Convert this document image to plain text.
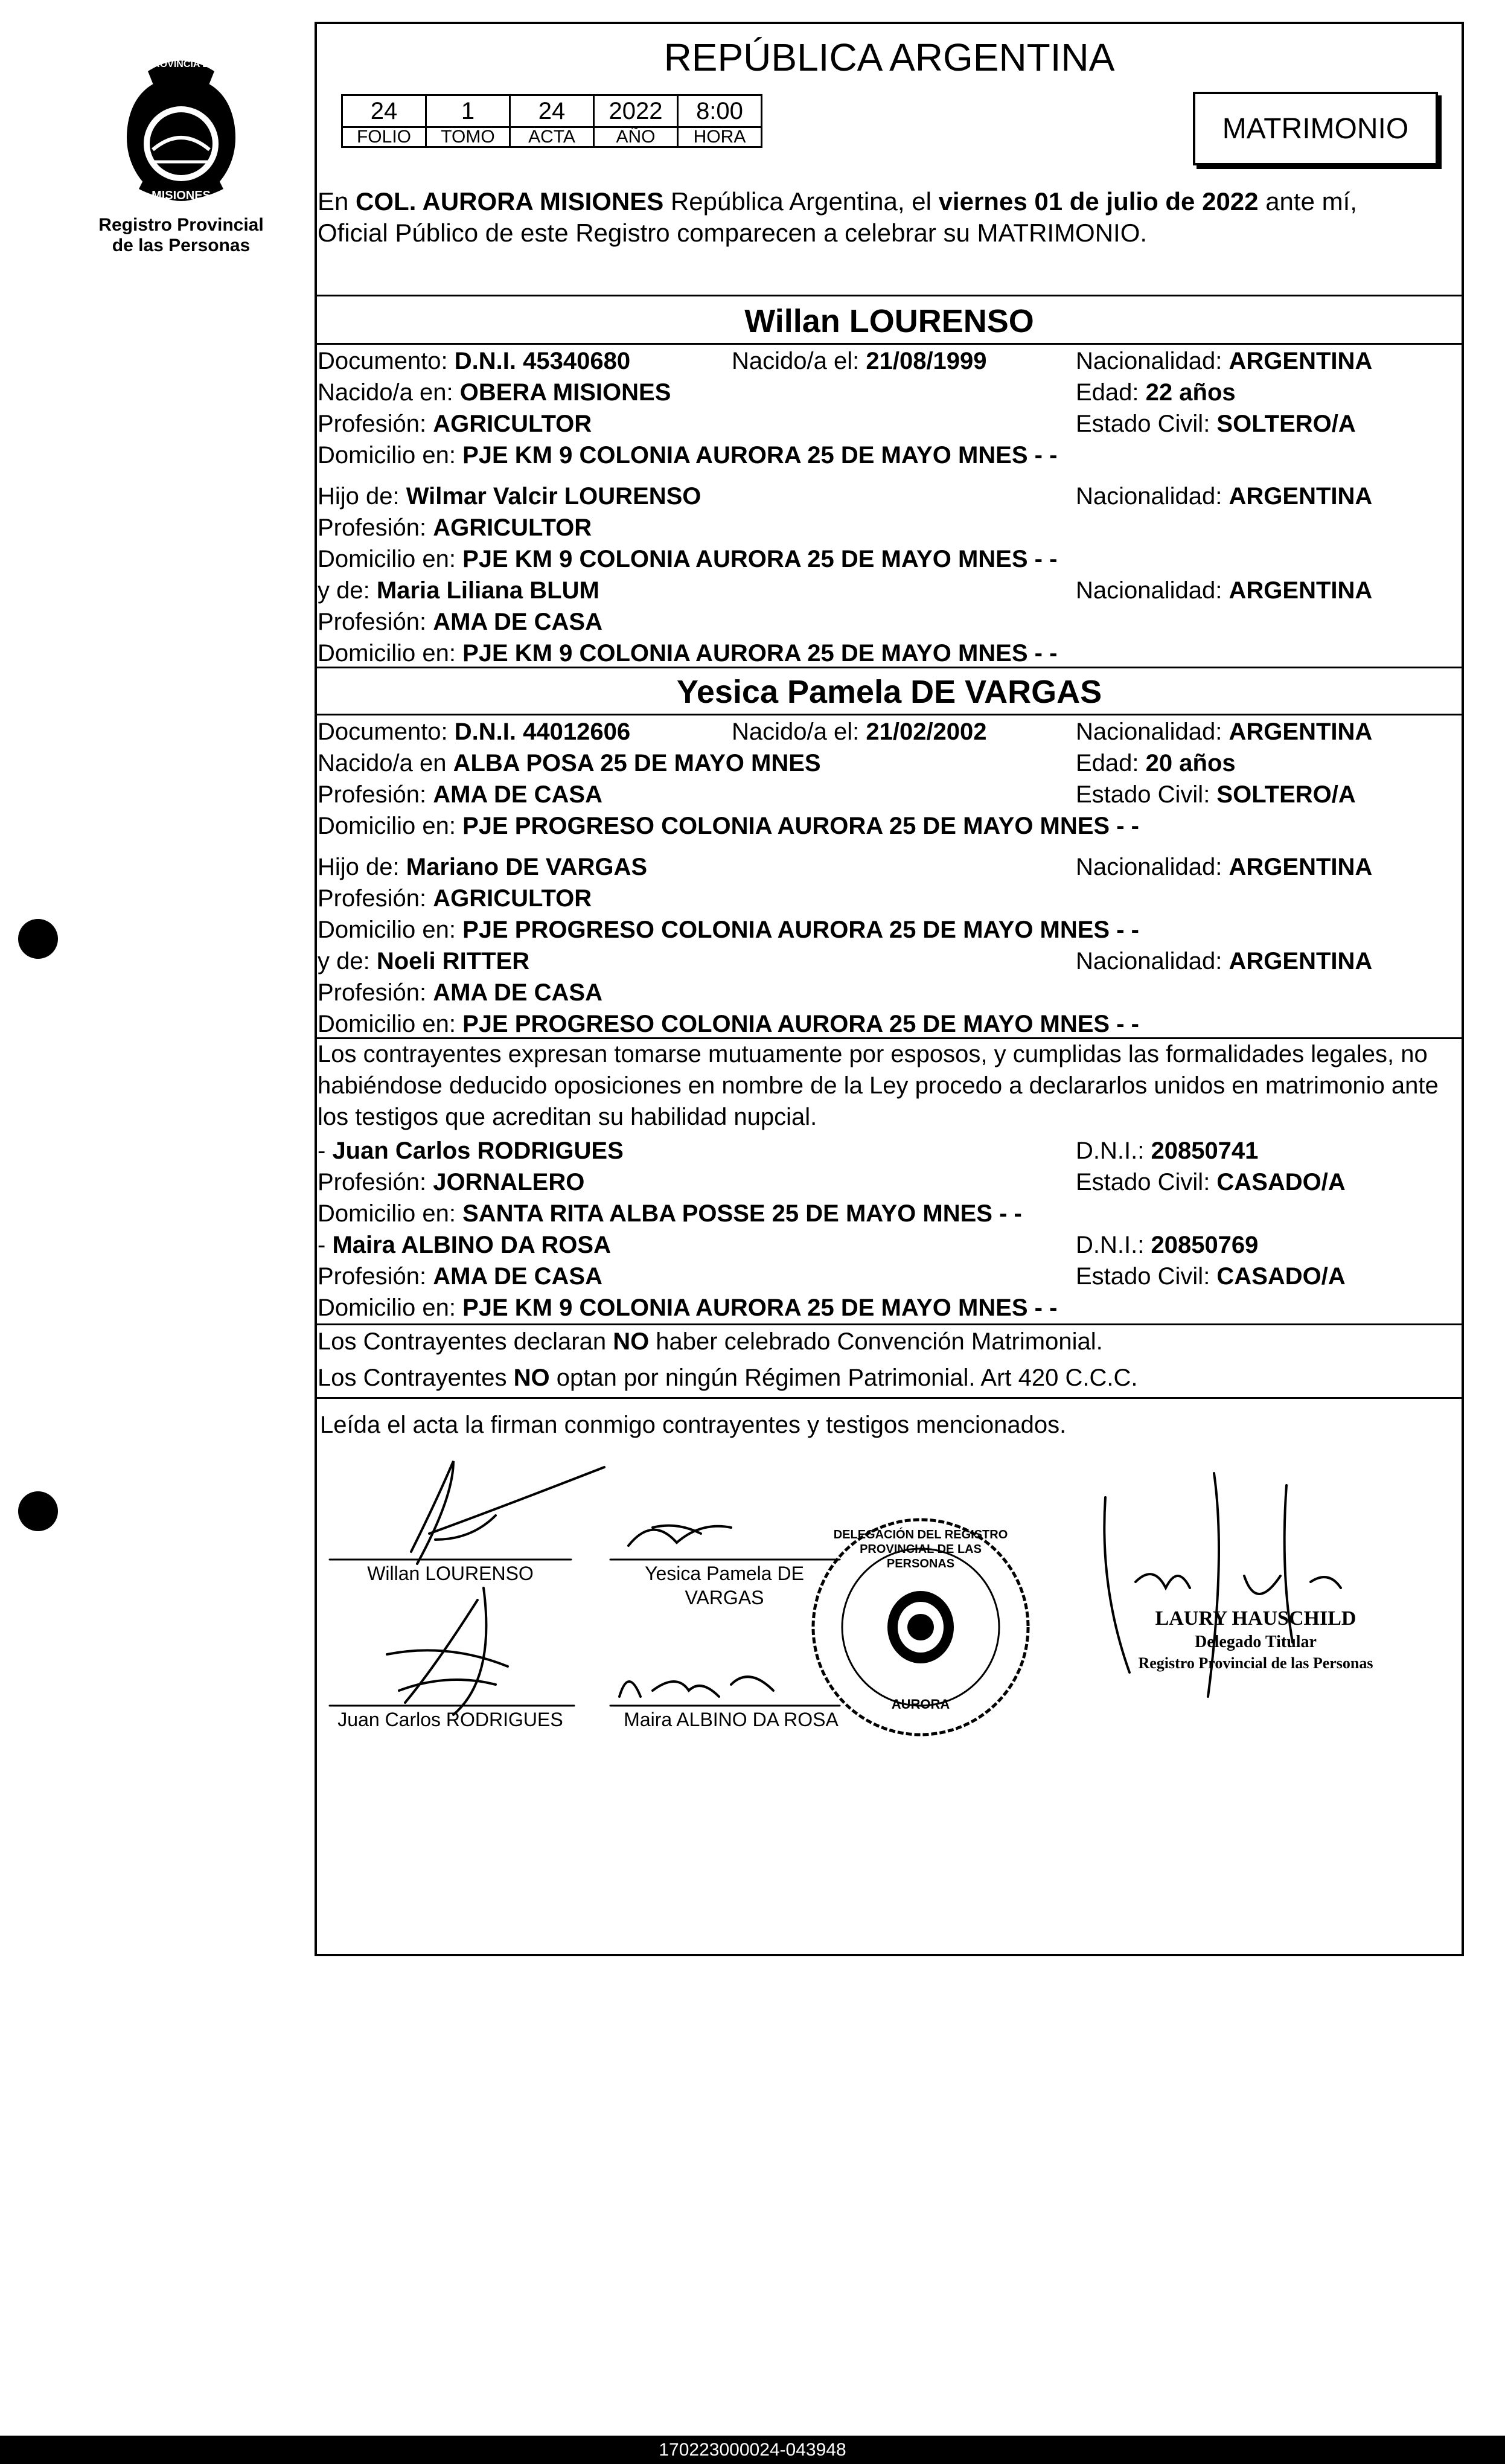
PROVINCIA DE
MISIONES
Registro Provincial
de las Personas
REPÚBLICA ARGENTINA
24	1	24	2022	8:00
FOLIO	TOMO	ACTA	AÑO	HORA	MATRIMONIO
En COL. AURORA MISIONES República Argentina, el viernes 01 de julio de 2022 ante mí,
Oficial Público de este Registro comparecen a celebrar su MATRIMONIO.
Willan LOURENSO
Documento: D.N.I. 45340680	Nacido/a el: 21/08/1999	Nacionalidad: ARGENTINA
Nacido/a en: OBERA MISIONES	Edad: 22 años
Profesión: AGRICULTOR	Estado Civil: SOLTERO/A
Domicilio en: PJE KM 9 COLONIA AURORA 25 DE MAYO MNES - -
Hijo de: Wilmar Valcir LOURENSO	Nacionalidad: ARGENTINA
Profesión: AGRICULTOR
Domicilio en: PJE KM 9 COLONIA AURORA 25 DE MAYO MNES - -
y de: Maria Liliana BLUM	Nacionalidad: ARGENTINA
Profesión: AMA DE CASA
Domicilio en: PJE KM 9 COLONIA AURORA 25 DE MAYO MNES - -
Yesica Pamela DE VARGAS
Documento: D.N.I. 44012606	Nacido/a el: 21/02/2002	Nacionalidad: ARGENTINA
Nacido/a en ALBA POSA 25 DE MAYO MNES	Edad: 20 años
Profesión: AMA DE CASA	Estado Civil: SOLTERO/A
Domicilio en: PJE PROGRESO COLONIA AURORA 25 DE MAYO MNES - -
Hijo de: Mariano DE VARGAS	Nacionalidad: ARGENTINA
Profesión: AGRICULTOR
Domicilio en: PJE PROGRESO COLONIA AURORA 25 DE MAYO MNES - -
y de: Noeli RITTER	Nacionalidad: ARGENTINA
Profesión: AMA DE CASA
Domicilio en: PJE PROGRESO COLONIA AURORA 25 DE MAYO MNES - -
Los contrayentes expresan tomarse mutuamente por esposos, y cumplidas las formalidades legales, no
habiéndose deducido oposiciones en nombre de la Ley procedo a declararlos unidos en matrimonio ante
los testigos que acreditan su habilidad nupcial.
- Juan Carlos RODRIGUES	D.N.I.: 20850741
Profesión: JORNALERO	Estado Civil: CASADO/A
Domicilio en: SANTA RITA ALBA POSSE 25 DE MAYO MNES - -
- Maira ALBINO DA ROSA	D.N.I.: 20850769
Profesión: AMA DE CASA	Estado Civil: CASADO/A
Domicilio en: PJE KM 9 COLONIA AURORA 25 DE MAYO MNES - -
Los Contrayentes declaran NO haber celebrado Convención Matrimonial.
Los Contrayentes NO optan por ningún Régimen Patrimonial. Art 420 C.C.C.
Leída el acta la firman conmigo contrayentes y testigos mencionados.
Willan LOURENSO	Yesica Pamela DE
VARGAS
Juan Carlos RODRIGUES	Maira ALBINO DA ROSA
DELEGACIÓN DEL REGISTRO PROVINCIAL DE LAS PERSONAS
AURORA
LAURY HAUSCHILD
Delegado Titular
Registro Provincial de las Personas
170223000024-043948
